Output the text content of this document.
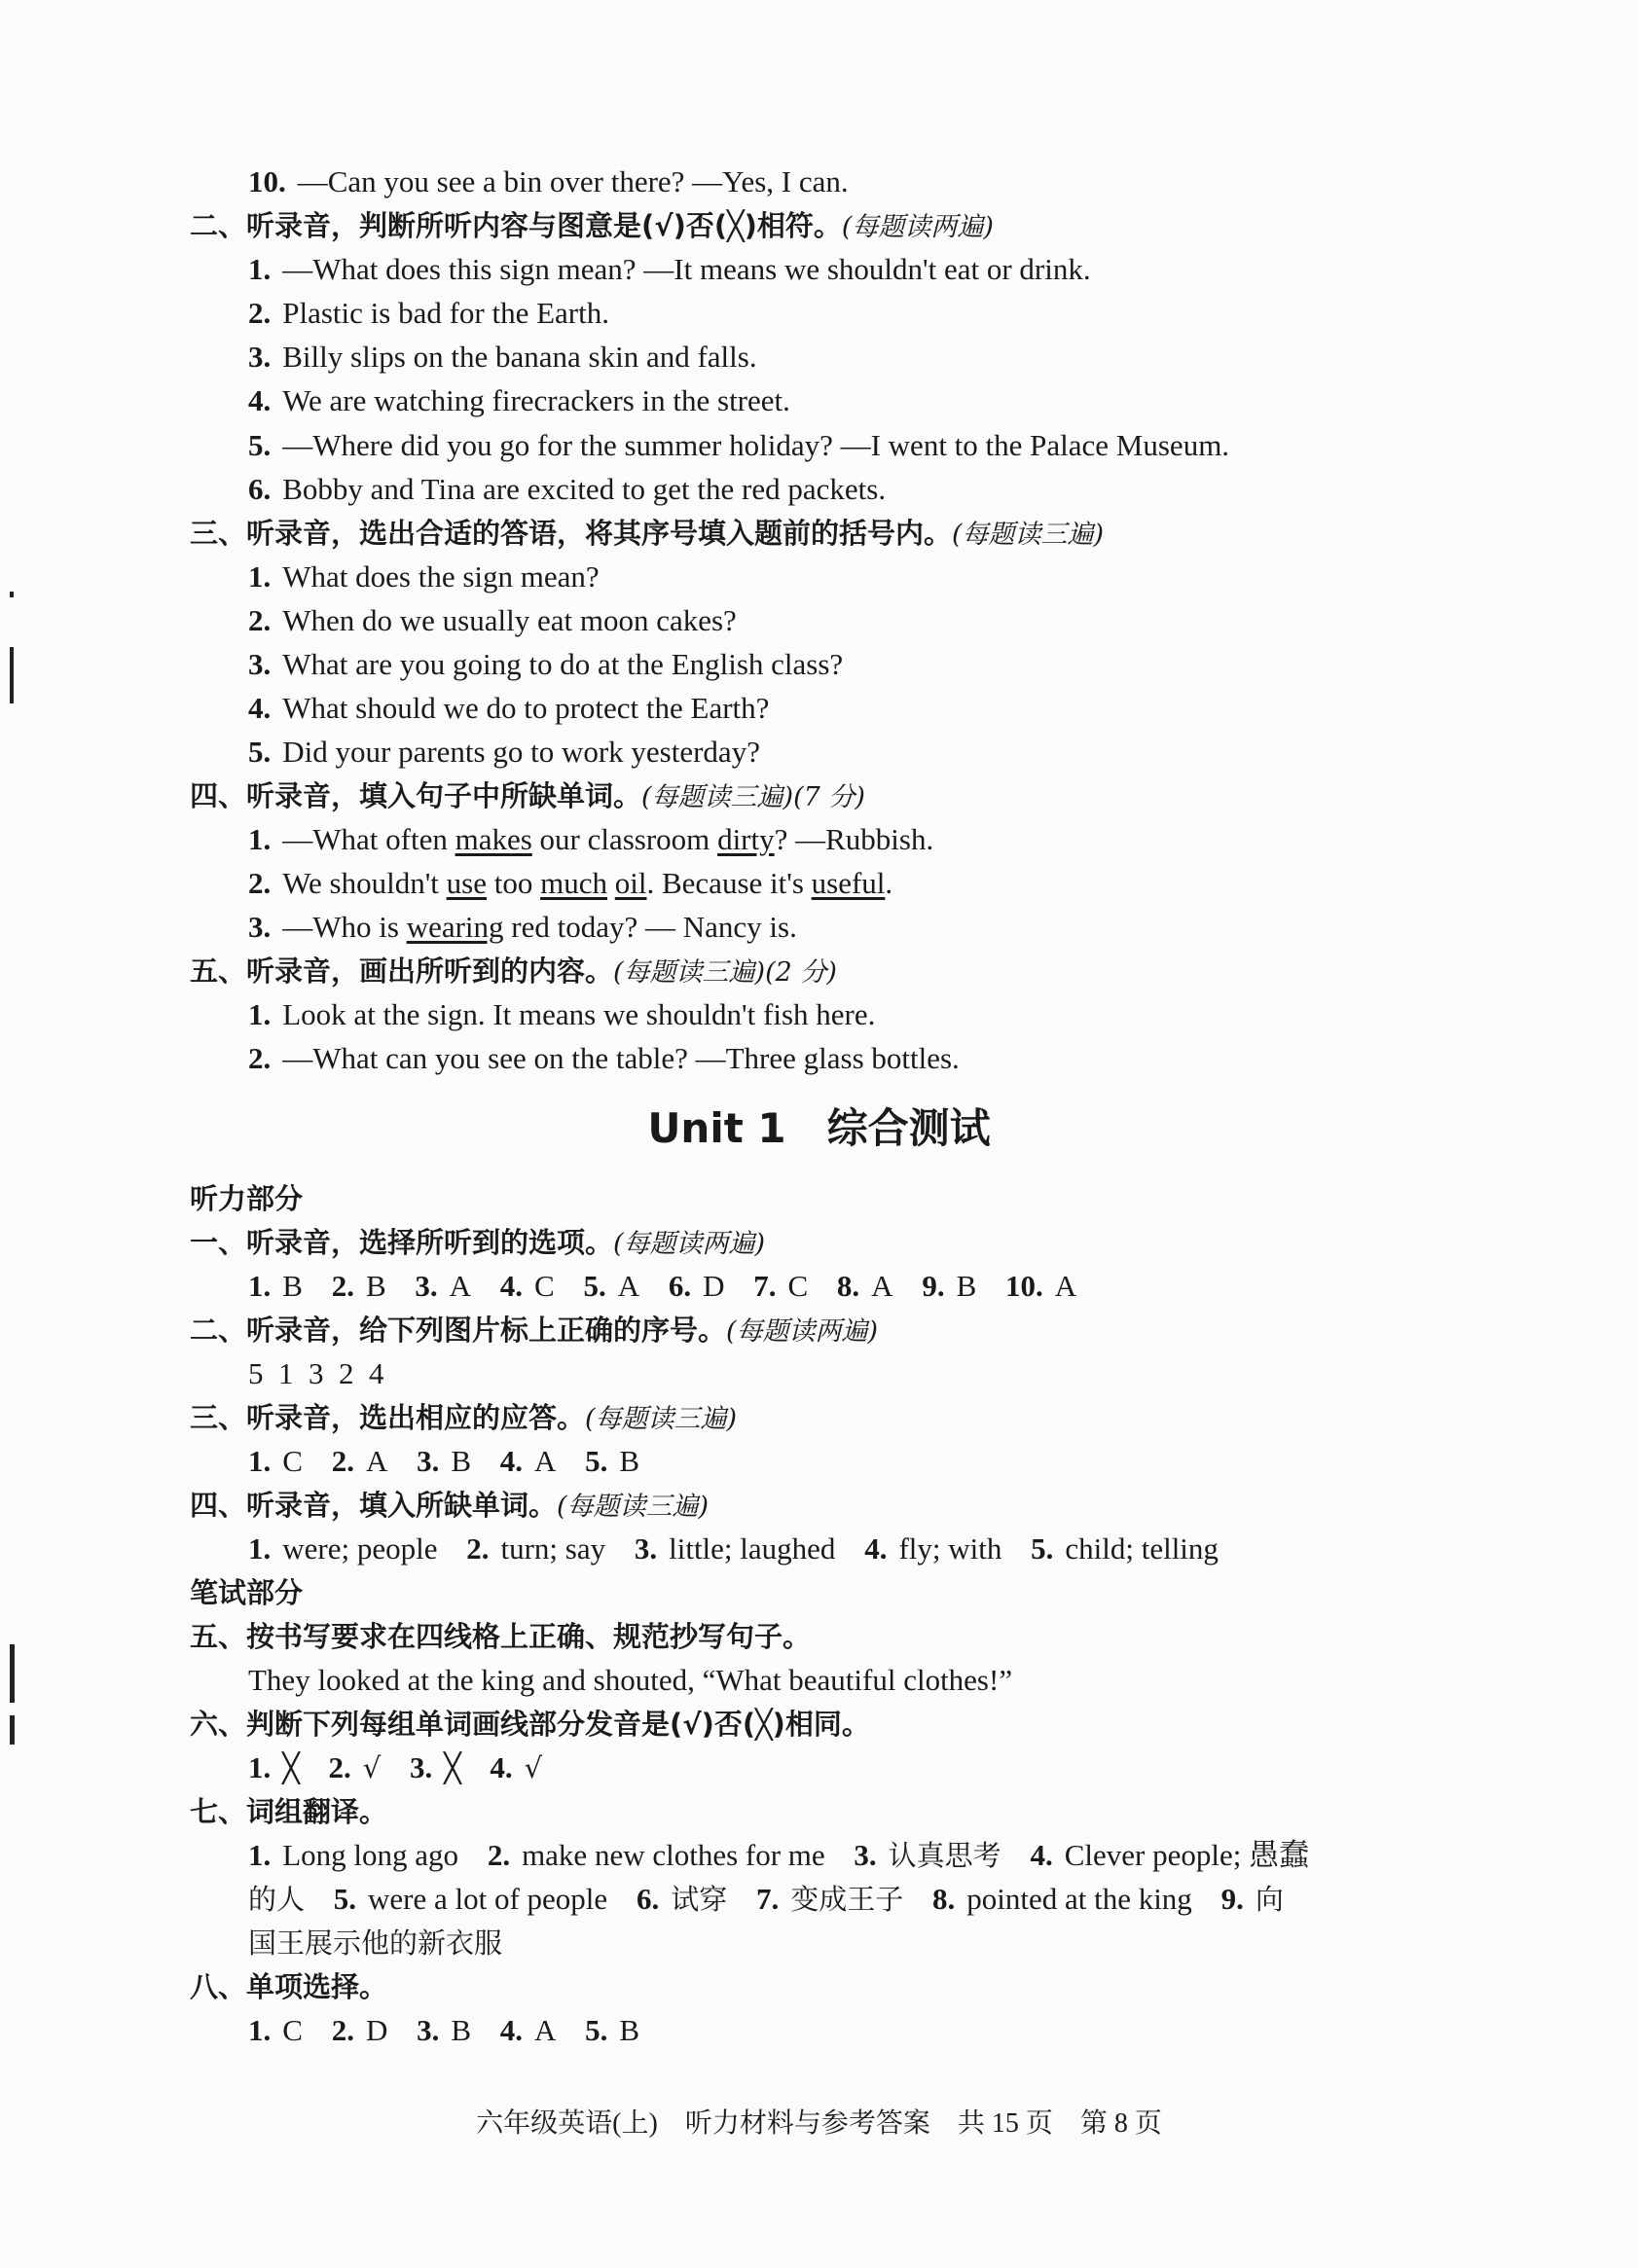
10. —Can you see a bin over there? —Yes, I can.
二、听录音，判断所听内容与图意是(√)否(╳)相符。(每题读两遍)
1. —What does this sign mean? —It means we shouldn't eat or drink.
2. Plastic is bad for the Earth.
3. Billy slips on the banana skin and falls.
4. We are watching firecrackers in the street.
5. —Where did you go for the summer holiday? —I went to the Palace Museum.
6. Bobby and Tina are excited to get the red packets.
三、听录音，选出合适的答语，将其序号填入题前的括号内。(每题读三遍)
1. What does the sign mean?
2. When do we usually eat moon cakes?
3. What are you going to do at the English class?
4. What should we do to protect the Earth?
5. Did your parents go to work yesterday?
四、听录音，填入句子中所缺单词。(每题读三遍)(7 分)
1. —What often makes our classroom dirty? —Rubbish.
2. We shouldn't use too much oil. Because it's useful.
3. —Who is wearing red today? — Nancy is.
五、听录音，画出所听到的内容。(每题读三遍)(2 分)
1. Look at the sign. It means we shouldn't fish here.
2. —What can you see on the table? —Three glass bottles.
Unit 1　综合测试
听力部分
一、听录音，选择所听到的选项。(每题读两遍)
1. B 2. B 3. A 4. C 5. A 6. D 7. C 8. A 9. B 10. A
二、听录音，给下列图片标上正确的序号。(每题读两遍)
5  1  3  2  4
三、听录音，选出相应的应答。(每题读三遍)
1. C 2. A 3. B 4. A 5. B
四、听录音，填入所缺单词。(每题读三遍)
1. were; people 2. turn; say 3. little; laughed 4. fly; with 5. child; telling
笔试部分
五、按书写要求在四线格上正确、规范抄写句子。
They looked at the king and shouted, “What beautiful clothes!”
六、判断下列每组单词画线部分发音是(√)否(╳)相同。
1. ╳ 2. √ 3. ╳ 4. √
七、词组翻译。
1. Long long ago 2. make new clothes for me 3. 认真思考 4. Clever people; 愚蠢
的人 5. were a lot of people 6. 试穿 7. 变成王子 8. pointed at the king 9. 向
国王展示他的新衣服
八、单项选择。
1. C 2. D 3. B 4. A 5. B
六年级英语(上)　听力材料与参考答案　共 15 页　第 8 页
